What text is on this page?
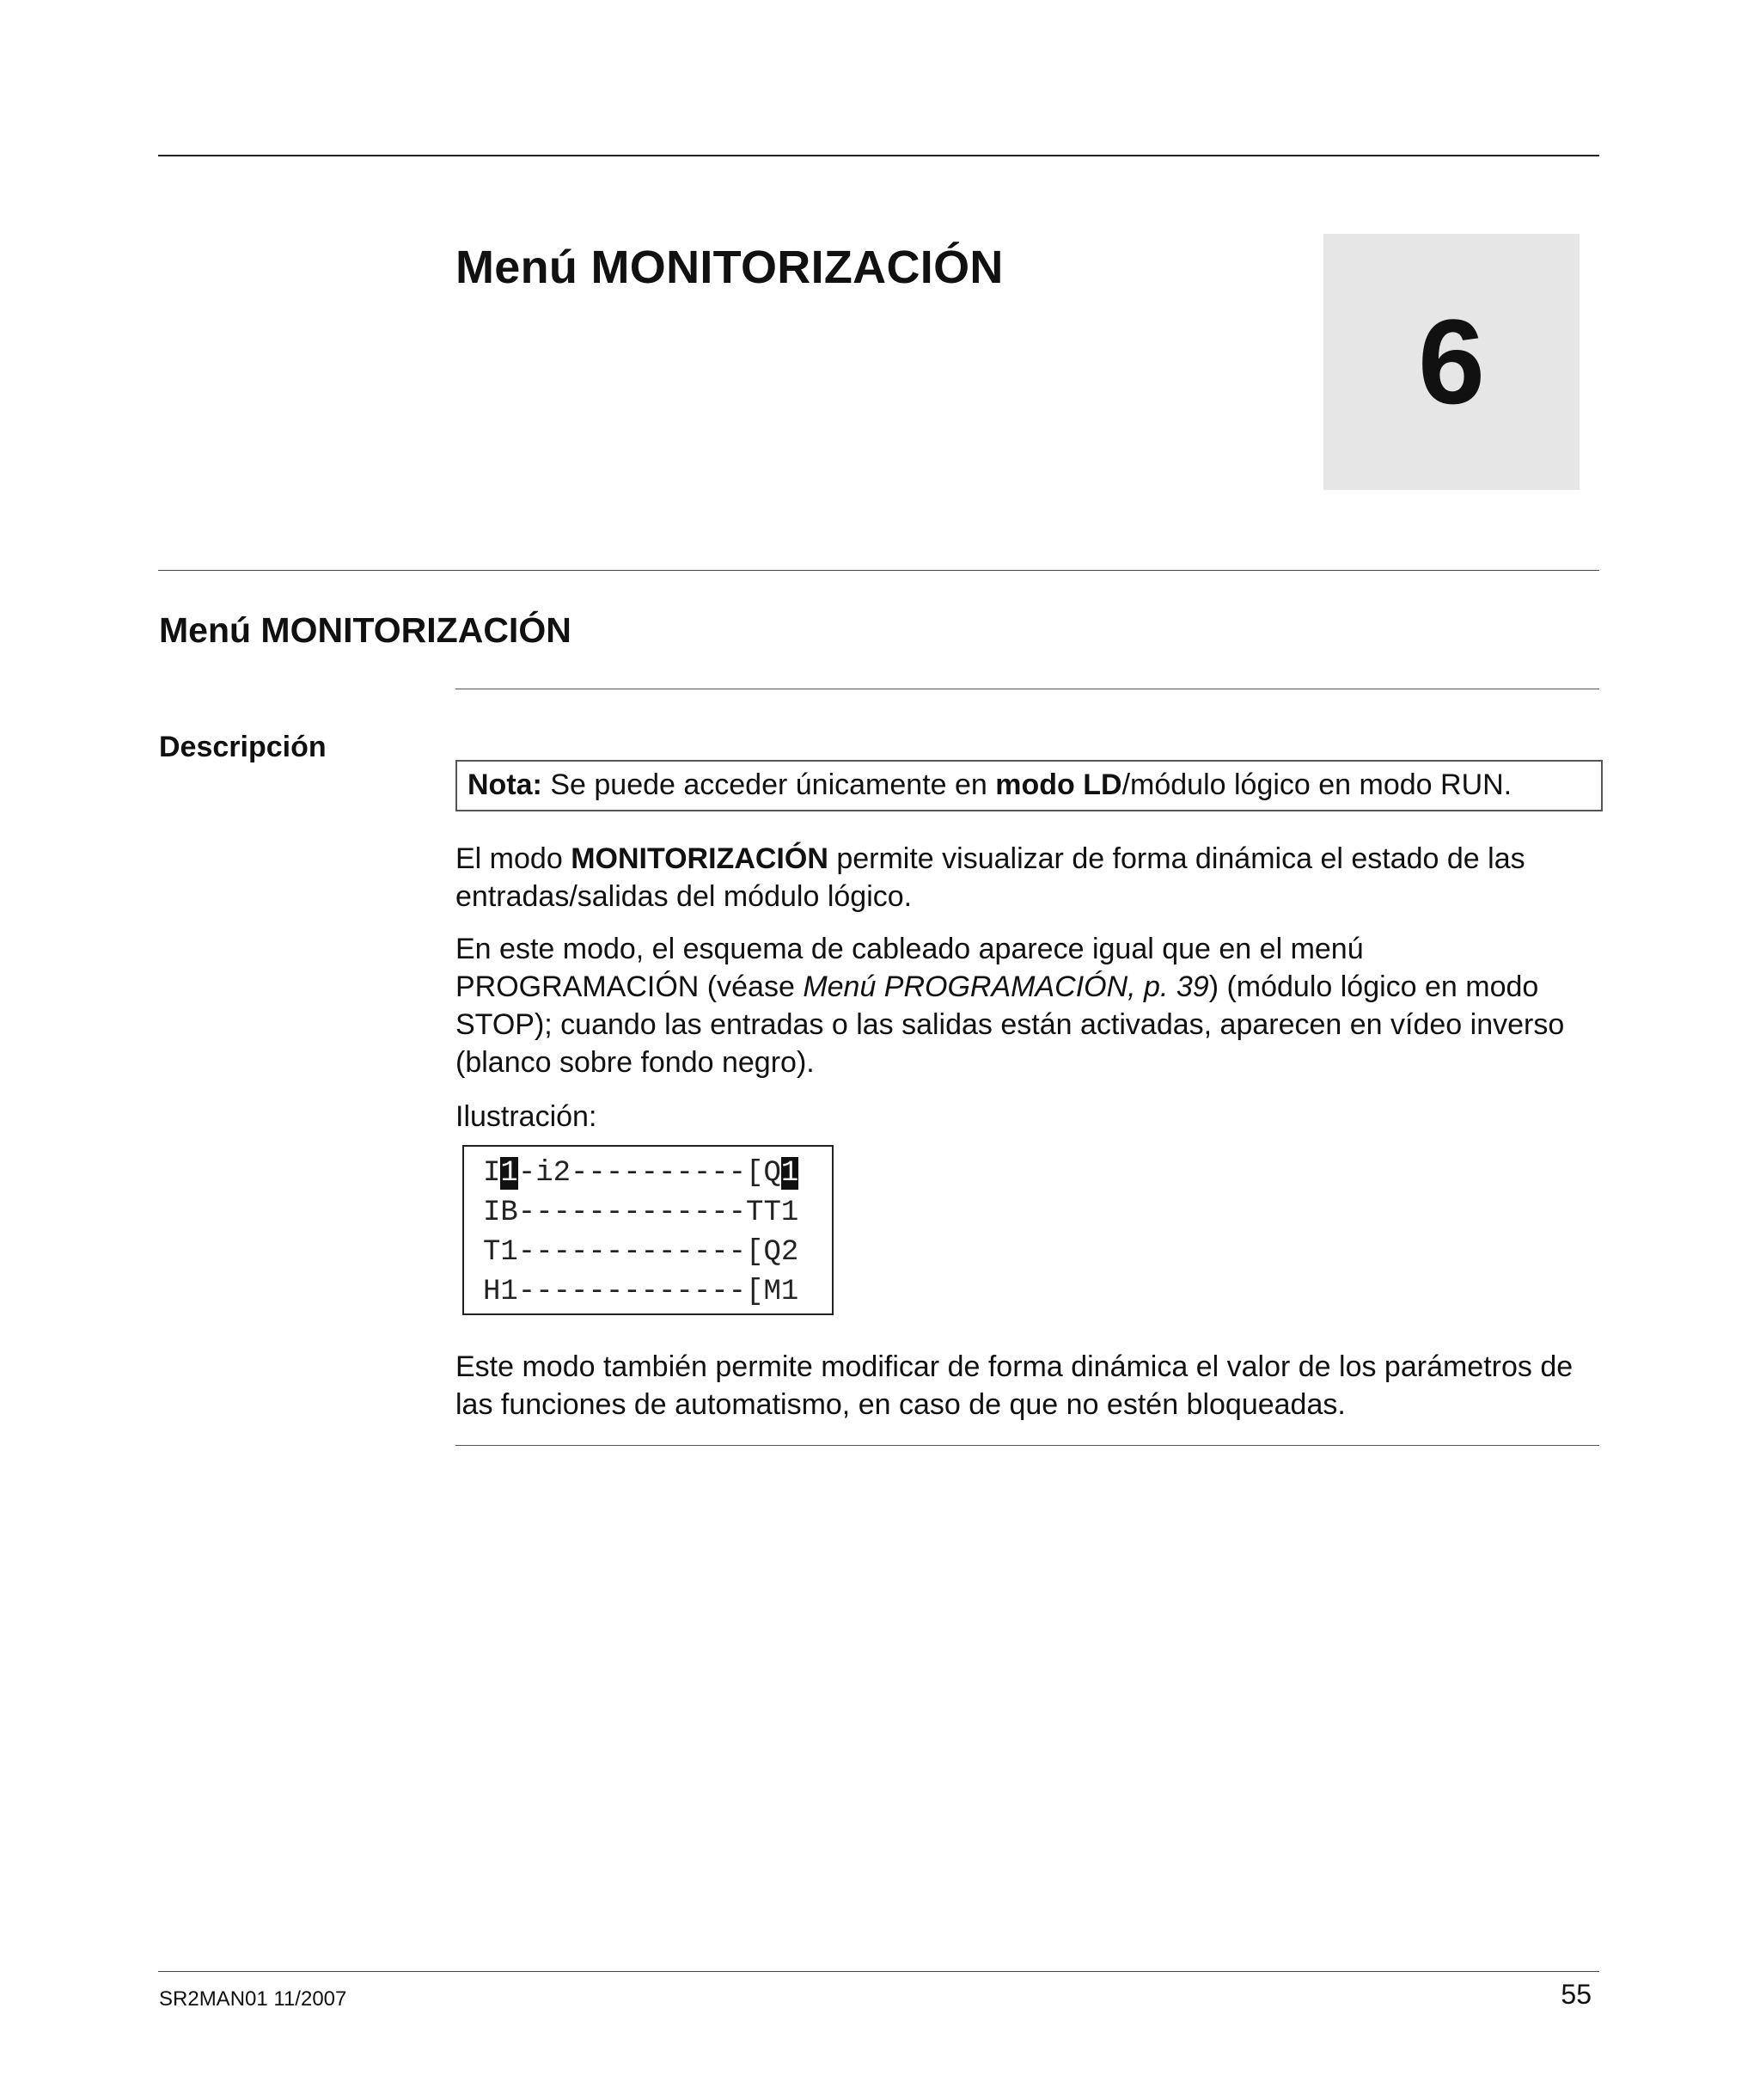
Menú MONITORIZACIÓN
6
Menú MONITORIZACIÓN
Descripción
Nota: Se puede acceder únicamente en modo LD/módulo lógico en modo RUN.

El modo MONITORIZACIÓN permite visualizar de forma dinámica el estado de las entradas/salidas del módulo lógico.

En este modo, el esquema de cableado aparece igual que en el menú PROGRAMACIÓN (véase Menú PROGRAMACIÓN, p. 39) (módulo lógico en modo STOP); cuando las entradas o las salidas están activadas, aparecen en vídeo inverso (blanco sobre fondo negro).

Ilustración:

I1-i2----------[Q1
IB-------------TT1
T1-------------[Q2
H1-------------[M1

Este modo también permite modificar de forma dinámica el valor de los parámetros de las funciones de automatismo, en caso de que no estén bloqueadas.

SR2MAN01 11/2007	55
